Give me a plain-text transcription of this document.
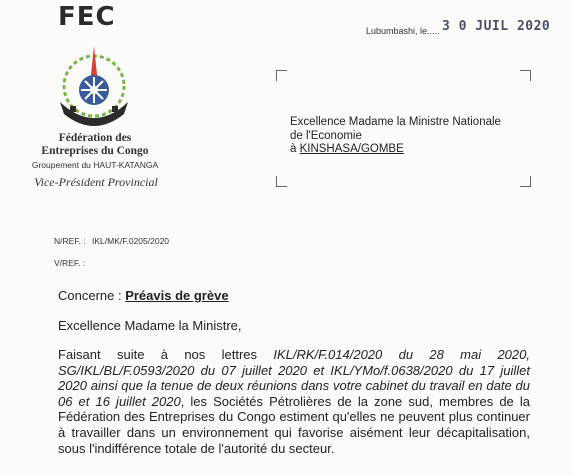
FEC
Fédération des
Entreprises du Congo
Groupement du HAUT-KATANGA
Vice-Président Provincial
Lubumbashi, le..... 3 0 JUIL 2020
Excellence Madame la Ministre Nationale
de l'Economie
à KINSHASA/GOMBE
N/REF. : IKL/MK/F.0205/2020
V/REF. :
Concerne : Préavis de grève
Excellence Madame la Ministre,
Faisant suite à nos lettres IKL/RK/F.014/2020 du 28 mai 2020, SG/IKL/BL/F.0593/2020 du 07 juillet 2020 et IKL/YMo/f.0638/2020 du 17 juillet 2020 ainsi que la tenue de deux réunions dans votre cabinet du travail en date du 06 et 16 juillet 2020, les Sociétés Pétrolières de la zone sud, membres de la Fédération des Entreprises du Congo estiment qu'elles ne peuvent plus continuer à travailler dans un environnement qui favorise aisément leur décapitalisation, sous l'indifférence totale de l'autorité du secteur.
